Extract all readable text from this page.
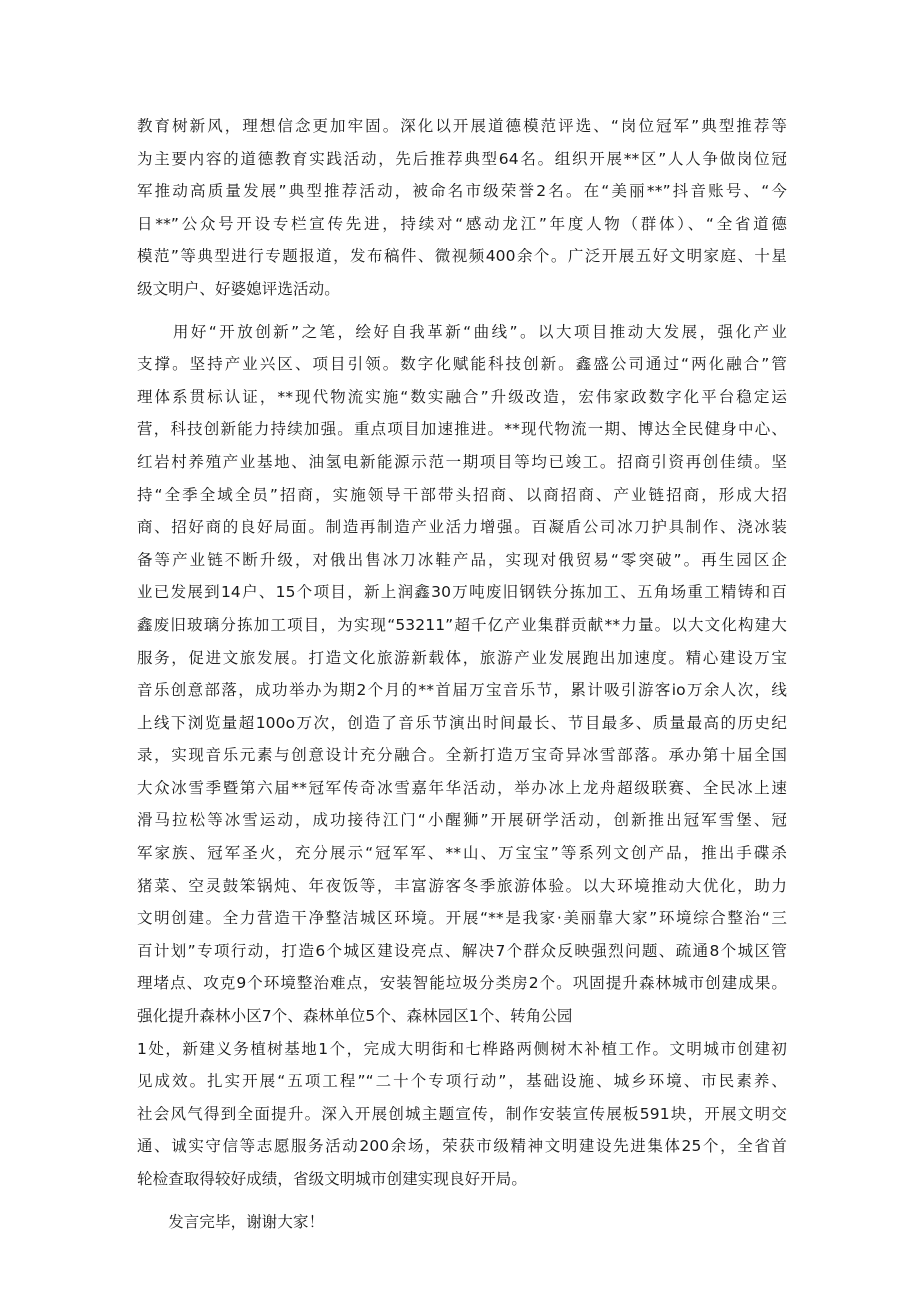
教育树新风，理想信念更加牢固。深化以开展道德模范评选、“岗位冠军”典型推荐等
为主要内容的道德教育实践活动，先后推荐典型64名。组织开展**区”人人争做岗位冠
军推动高质量发展”典型推荐活动，被命名市级荣誉2名。在“美丽**”抖音账号、“今
日**”公众号开设专栏宣传先进，持续对“感动龙江”年度人物（群体）、“全省道德
模范”等典型进行专题报道，发布稿件、微视频400余个。广泛开展五好文明家庭、十星
级文明户、好婆媳评选活动。
　　用好“开放创新”之笔，绘好自我革新“曲线”。以大项目推动大发展，强化产业
支撑。坚持产业兴区、项目引领。数字化赋能科技创新。鑫盛公司通过“两化融合”管
理体系贯标认证，**现代物流实施“数实融合”升级改造，宏伟家政数字化平台稳定运
营，科技创新能力持续加强。重点项目加速推进。**现代物流一期、博达全民健身中心、
红岩村养殖产业基地、油氢电新能源示范一期项目等均已竣工。招商引资再创佳绩。坚
持“全季全域全员”招商，实施领导干部带头招商、以商招商、产业链招商，形成大招
商、招好商的良好局面。制造再制造产业活力增强。百凝盾公司冰刀护具制作、浇冰装
备等产业链不断升级，对俄出售冰刀冰鞋产品，实现对俄贸易“零突破”。再生园区企
业已发展到14户、15个项目，新上润鑫30万吨废旧钢铁分拣加工、五角场重工精铸和百
鑫废旧玻璃分拣加工项目，为实现“53211”超千亿产业集群贡献**力量。以大文化构建大
服务，促进文旅发展。打造文化旅游新载体，旅游产业发展跑出加速度。精心建设万宝
音乐创意部落，成功举办为期2个月的**首届万宝音乐节，累计吸引游客io万余人次，线
上线下浏览量超100o万次，创造了音乐节演出时间最长、节目最多、质量最高的历史纪
录，实现音乐元素与创意设计充分融合。全新打造万宝奇异冰雪部落。承办第十届全国
大众冰雪季暨第六届**冠军传奇冰雪嘉年华活动，举办冰上龙舟超级联赛、全民冰上速
滑马拉松等冰雪运动，成功接待江门“小醒狮”开展研学活动，创新推出冠军雪堡、冠
军家族、冠军圣火，充分展示“冠军军、**山、万宝宝”等系列文创产品，推出手碟杀
猪菜、空灵鼓笨锅炖、年夜饭等，丰富游客冬季旅游体验。以大环境推动大优化，助力
文明创建。全力营造干净整洁城区环境。开展“**是我家·美丽靠大家”环境综合整治“三
百计划”专项行动，打造6个城区建设亮点、解决7个群众反映强烈问题、疏通8个城区管
理堵点、攻克9个环境整治难点，安装智能垃圾分类房2个。巩固提升森林城市创建成果。
强化提升森林小区7个、森林单位5个、森林园区1个、转角公园
1处，新建义务植树基地1个，完成大明街和七桦路两侧树木补植工作。文明城市创建初
见成效。扎实开展“五项工程”“二十个专项行动”，基础设施、城乡环境、市民素养、
社会风气得到全面提升。深入开展创城主题宣传，制作安装宣传展板591块，开展文明交
通、诚实守信等志愿服务活动200余场，荣获市级精神文明建设先进集体25个，全省首
轮检查取得较好成绩，省级文明城市创建实现良好开局。
　　发言完毕，谢谢大家！
